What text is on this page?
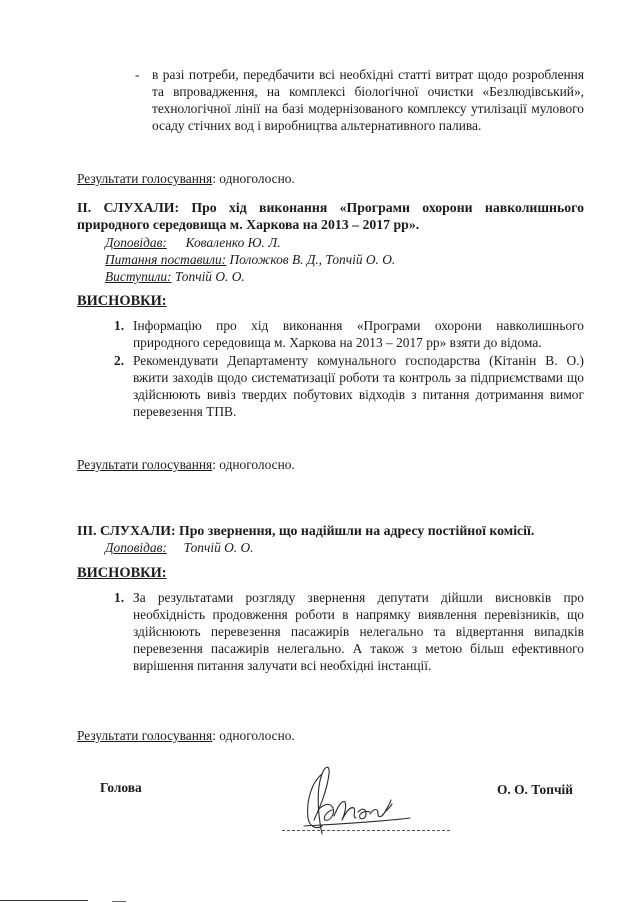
- в разі потреби, передбачити всі необхідні статті витрат щодо розроблення та впровадження, на комплексі біологічної очистки «Безлюдівський», технологічної лінії на базі модернізованого комплексу утилізації мулового осаду стічних вод і виробництва альтернативного палива.
Результати голосування: одноголосно.
II. СЛУХАЛИ: Про хід виконання «Програми охорони навколишнього природного середовища м. Харкова на 2013 – 2017 рр».
Доповідав: Коваленко Ю. Л.
Питання поставили: Положков В. Д., Топчій О. О.
Виступили: Топчій О. О.
ВИСНОВКИ:
1. Інформацію про хід виконання «Програми охорони навколишнього природного середовища м. Харкова на 2013 – 2017 рр» взяти до відома.
2. Рекомендувати Департаменту комунального господарства (Кітанін В. О.) вжити заходів щодо систематизації роботи та контроль за підприємствами що здійснюють вивіз твердих побутових відходів з питання дотримання вимог перевезення ТПВ.
Результати голосування: одноголосно.
III. СЛУХАЛИ: Про звернення, що надійшли на адресу постійної комісії.
Доповідав: Топчій О. О.
ВИСНОВКИ:
1. За результатами розгляду звернення депутати дійшли висновків про необхідність продовження роботи в напрямку виявлення перевізників, що здійснюють перевезення пасажирів нелегально та відвертання випадків перевезення пасажирів нелегально. А також з метою більш ефективного вирішення питання залучати всі необхідні інстанції.
Результати голосування: одноголосно.
Голова	О. О. Топчій
